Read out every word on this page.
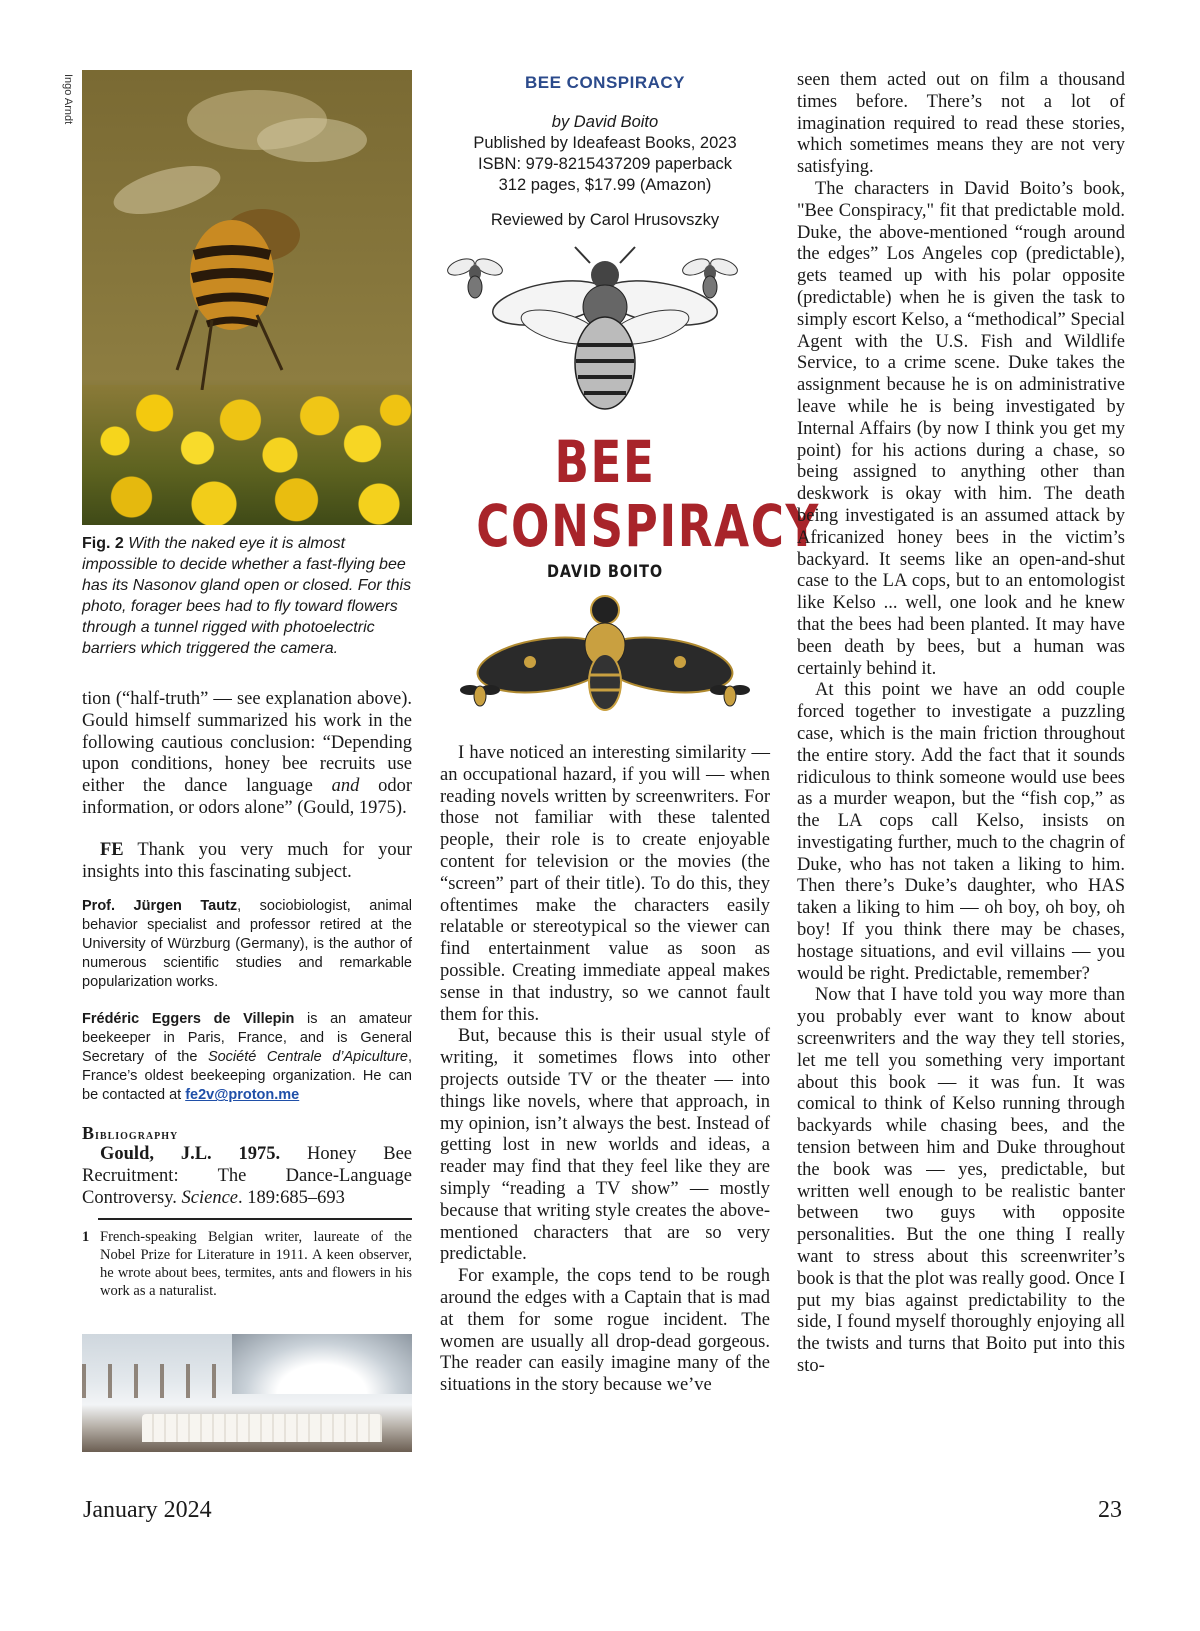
Ingo Arndt
Fig. 2 With the naked eye it is almost impossible to decide whether a fast-flying bee has its Nasonov gland open or closed. For this photo, forager bees had to fly toward flowers through a tunnel rigged with photoelectric barriers which triggered the camera.

tion (“half-truth” — see explanation above). Gould himself summarized his work in the following cautious conclusion: “Depending upon conditions, honey bee recruits use either the dance language and odor information, or odors alone” (Gould, 1975).

FE Thank you very much for your insights into this fascinating subject.

Prof. Jürgen Tautz, sociobiologist, animal behavior specialist and professor retired at the University of Würzburg (Germany), is the author of numerous scientific studies and remarkable popularization works.

Frédéric Eggers de Villepin is an amateur beekeeper in Paris, France, and is General Secretary of the Société Centrale d’Apiculture, France’s oldest beekeeping organization. He can be contacted at fe2v@proton.me

Bibliography

Gould, J.L. 1975. Honey Bee Recruitment: The Dance-Language Controversy. Science. 189:685–693

1 French-speaking Belgian writer, laureate of the Nobel Prize for Literature in 1911. A keen observer, he wrote about bees, termites, ants and flowers in his work as a naturalist.
BEE CONSPIRACY
by David Boito
Published by Ideafeast Books, 2023
ISBN: 979-8215437209 paperback
312 pages, $17.99 (Amazon)
Reviewed by Carol Hrusovszky
BEE
CONSPIRACY
DAVID BOITO

I have noticed an interesting similarity — an occupational hazard, if you will — when reading novels written by screenwriters. For those not familiar with these talented people, their role is to create enjoyable content for television or the movies (the “screen” part of their title). To do this, they oftentimes make the characters easily relatable or stereotypical so the viewer can find entertainment value as soon as possible. Creating immediate appeal makes sense in that industry, so we cannot fault them for this.

But, because this is their usual style of writing, it sometimes flows into other projects outside TV or the theater — into things like novels, where that approach, in my opinion, isn’t always the best. Instead of getting lost in new worlds and ideas, a reader may find that they feel like they are simply “reading a TV show” — mostly because that writing style creates the above-mentioned characters that are so very predictable.

For example, the cops tend to be rough around the edges with a Captain that is mad at them for some rogue incident. The women are usually all drop-dead gorgeous. The reader can easily imagine many of the situations in the story because we’ve

seen them acted out on film a thousand times before. There’s not a lot of imagination required to read these stories, which sometimes means they are not very satisfying.

The characters in David Boito’s book, "Bee Conspiracy," fit that predictable mold. Duke, the above-mentioned “rough around the edges” Los Angeles cop (predictable), gets teamed up with his polar opposite (predictable) when he is given the task to simply escort Kelso, a “methodical” Special Agent with the U.S. Fish and Wildlife Service, to a crime scene. Duke takes the assignment because he is on administrative leave while he is being investigated by Internal Affairs (by now I think you get my point) for his actions during a chase, so being assigned to anything other than deskwork is okay with him. The death being investigated is an assumed attack by Africanized honey bees in the victim’s backyard. It seems like an open-and-shut case to the LA cops, but to an entomologist like Kelso ... well, one look and he knew that the bees had been planted. It may have been death by bees, but a human was certainly behind it.

At this point we have an odd couple forced together to investigate a puzzling case, which is the main friction throughout the entire story. Add the fact that it sounds ridiculous to think someone would use bees as a murder weapon, but the “fish cop,” as the LA cops call Kelso, insists on investigating further, much to the chagrin of Duke, who has not taken a liking to him. Then there’s Duke’s daughter, who HAS taken a liking to him — oh boy, oh boy, oh boy! If you think there may be chases, hostage situations, and evil villains — you would be right. Predictable, remember?

Now that I have told you way more than you probably ever want to know about screenwriters and the way they tell stories, let me tell you something very important about this book — it was fun. It was comical to think of Kelso running through backyards while chasing bees, and the tension between him and Duke throughout the book was — yes, predictable, but written well enough to be realistic banter between two guys with opposite personalities. But the one thing I really want to stress about this screenwriter’s book is that the plot was really good. Once I put my bias against predictability to the side, I found myself thoroughly enjoying all the twists and turns that Boito put into this sto-

January 2024	23
